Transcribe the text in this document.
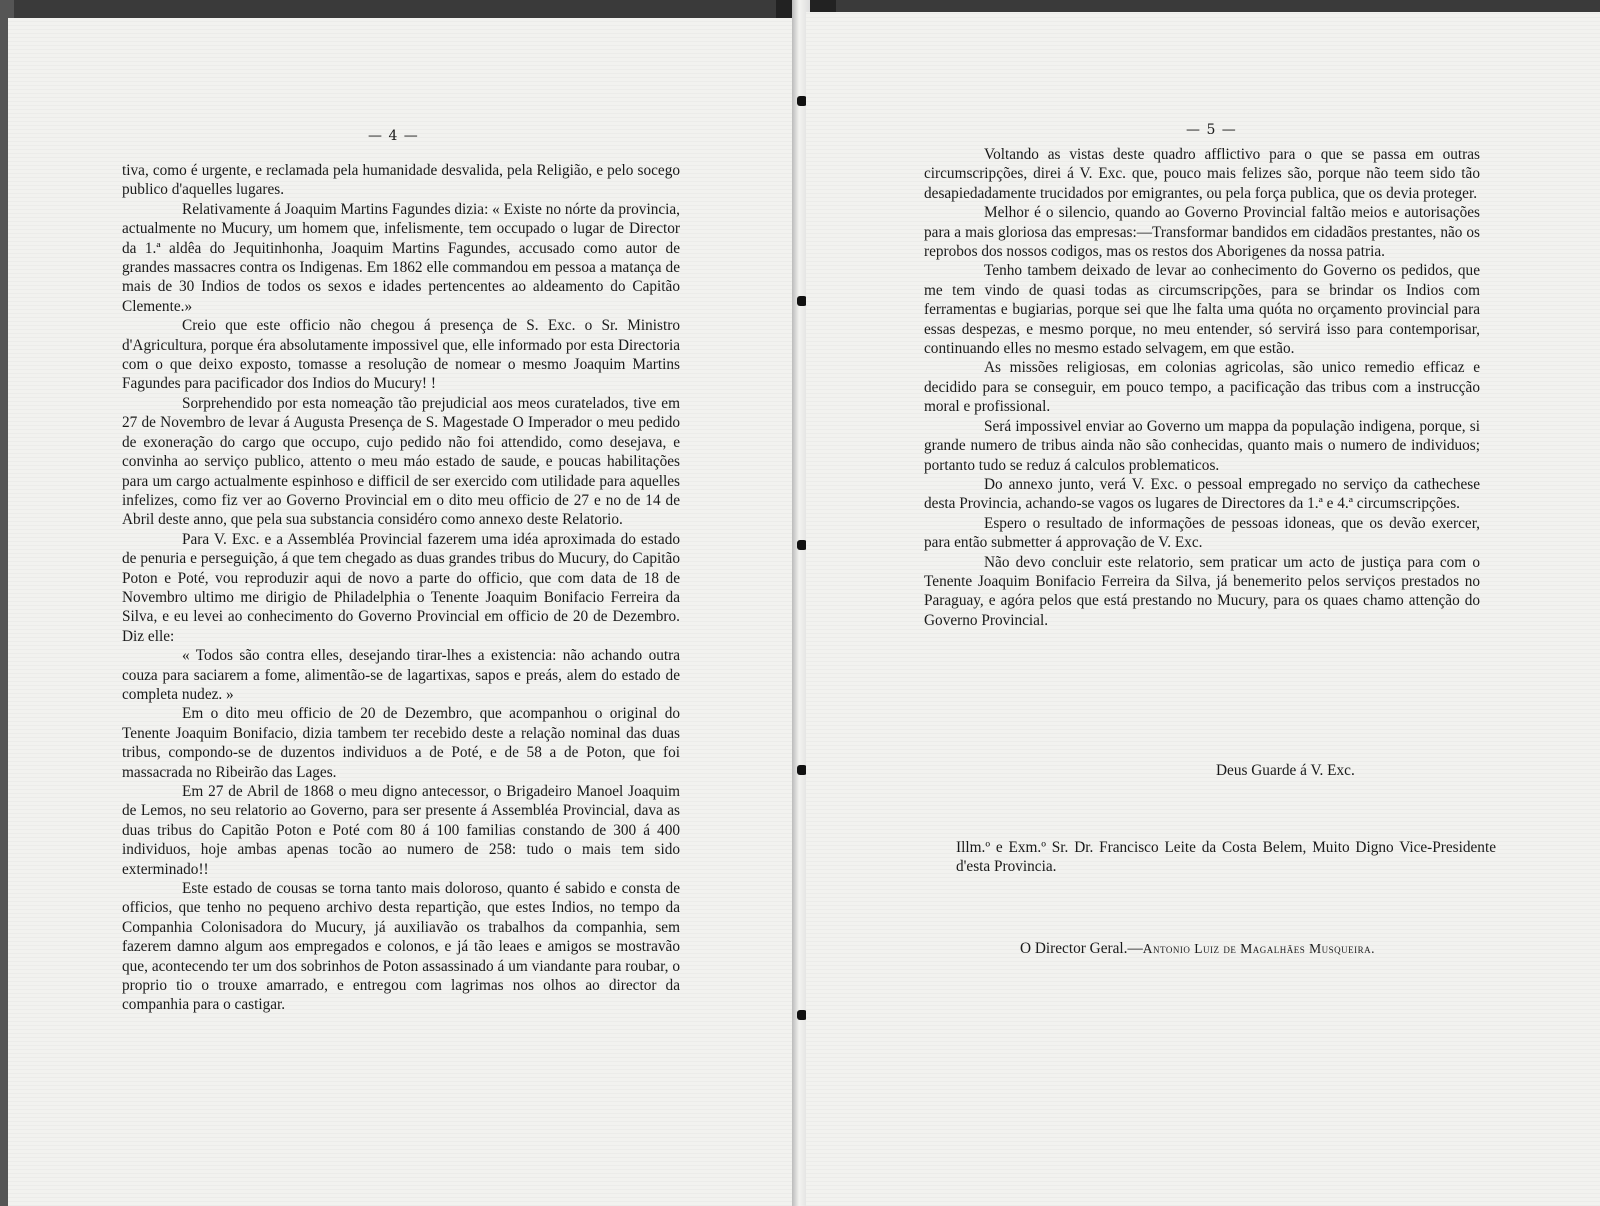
— 4 —

tiva, como é urgente, e reclamada pela humanidade desvalida, pela Religião, e pelo socego publico d'aquelles lugares.

Relativamente á Joaquim Martins Fagundes dizia: « Existe no nórte da provincia, actualmente no Mucury, um homem que, infelismente, tem occupado o lugar de Director da 1.ª aldêa do Jequitinhonha, Joaquim Martins Fagundes, accusado como autor de grandes massacres contra os Indigenas. Em 1862 elle commandou em pessoa a matança de mais de 30 Indios de todos os sexos e idades pertencentes ao aldeamento do Capitão Clemente.»

Creio que este officio não chegou á presença de S. Exc. o Sr. Ministro d'Agricultura, porque éra absolutamente impossivel que, elle informado por esta Directoria com o que deixo exposto, tomasse a resolução de nomear o mesmo Joaquim Martins Fagundes para pacificador dos Indios do Mucury! !

Sorprehendido por esta nomeação tão prejudicial aos meos curatelados, tive em 27 de Novembro de levar á Augusta Presença de S. Magestade O Imperador o meu pedido de exoneração do cargo que occupo, cujo pedido não foi attendido, como desejava, e convinha ao serviço publico, attento o meu máo estado de saude, e poucas habilitações para um cargo actualmente espinhoso e difficil de ser exercido com utilidade para aquelles infelizes, como fiz ver ao Governo Provincial em o dito meu officio de 27 e no de 14 de Abril deste anno, que pela sua substancia considéro como annexo deste Relatorio.

Para V. Exc. e a Assembléa Provincial fazerem uma idéa aproximada do estado de penuria e perseguição, á que tem chegado as duas grandes tribus do Mucury, do Capitão Poton e Poté, vou reproduzir aqui de novo a parte do officio, que com data de 18 de Novembro ultimo me dirigio de Philadelphia o Tenente Joaquim Bonifacio Ferreira da Silva, e eu levei ao conhecimento do Governo Provincial em officio de 20 de Dezembro. Diz elle:

« Todos são contra elles, desejando tirar-lhes a existencia: não achando outra couza para saciarem a fome, alimentão-se de lagartixas, sapos e preás, alem do estado de completa nudez. »

Em o dito meu officio de 20 de Dezembro, que acompanhou o original do Tenente Joaquim Bonifacio, dizia tambem ter recebido deste a relação nominal das duas tribus, compondo-se de duzentos individuos a de Poté, e de 58 a de Poton, que foi massacrada no Ribeirão das Lages.

Em 27 de Abril de 1868 o meu digno antecessor, o Brigadeiro Manoel Joaquim de Lemos, no seu relatorio ao Governo, para ser presente á Assembléa Provincial, dava as duas tribus do Capitão Poton e Poté com 80 á 100 familias constando de 300 á 400 individuos, hoje ambas apenas tocão ao numero de 258: tudo o mais tem sido exterminado!!

Este estado de cousas se torna tanto mais doloroso, quanto é sabido e consta de officios, que tenho no pequeno archivo desta repartição, que estes Indios, no tempo da Companhia Colonisadora do Mucury, já auxiliavão os trabalhos da companhia, sem fazerem damno algum aos empregados e colonos, e já tão leaes e amigos se mostravão que, acontecendo ter um dos sobrinhos de Poton assassinado á um viandante para roubar, o proprio tio o trouxe amarrado, e entregou com lagrimas nos olhos ao director da companhia para o castigar.

— 5 —

Voltando as vistas deste quadro afflictivo para o que se passa em outras circumscripções, direi á V. Exc. que, pouco mais felizes são, porque não teem sido tão desapiedadamente trucidados por emigrantes, ou pela força publica, que os devia proteger.

Melhor é o silencio, quando ao Governo Provincial faltão meios e autorisações para a mais gloriosa das empresas:—Transformar bandidos em cidadãos prestantes, não os reprobos dos nossos codigos, mas os restos dos Aborigenes da nossa patria.

Tenho tambem deixado de levar ao conhecimento do Governo os pedidos, que me tem vindo de quasi todas as circumscripções, para se brindar os Indios com ferramentas e bugiarias, porque sei que lhe falta uma quóta no orçamento provincial para essas despezas, e mesmo porque, no meu entender, só servirá isso para contemporisar, continuando elles no mesmo estado selvagem, em que estão.

As missões religiosas, em colonias agricolas, são unico remedio efficaz e decidido para se conseguir, em pouco tempo, a pacificação das tribus com a instrucção moral e profissional.

Será impossivel enviar ao Governo um mappa da população indigena, porque, si grande numero de tribus ainda não são conhecidas, quanto mais o numero de individuos; portanto tudo se reduz á calculos problematicos.

Do annexo junto, verá V. Exc. o pessoal empregado no serviço da cathechese desta Provincia, achando-se vagos os lugares de Directores da 1.ª e 4.ª circumscripções.

Espero o resultado de informações de pessoas idoneas, que os devão exercer, para então submetter á approvação de V. Exc.

Não devo concluir este relatorio, sem praticar um acto de justiça para com o Tenente Joaquim Bonifacio Ferreira da Silva, já benemerito pelos serviços prestados no Paraguay, e agóra pelos que está prestando no Mucury, para os quaes chamo attenção do Governo Provincial.

Deus Guarde á V. Exc.
Illm.º e Exm.º Sr. Dr. Francisco Leite da Costa Belem, Muito Digno Vice-Presidente d'esta Provincia.
O Director Geral.—Antonio Luiz de Magalhães Musqueira.
